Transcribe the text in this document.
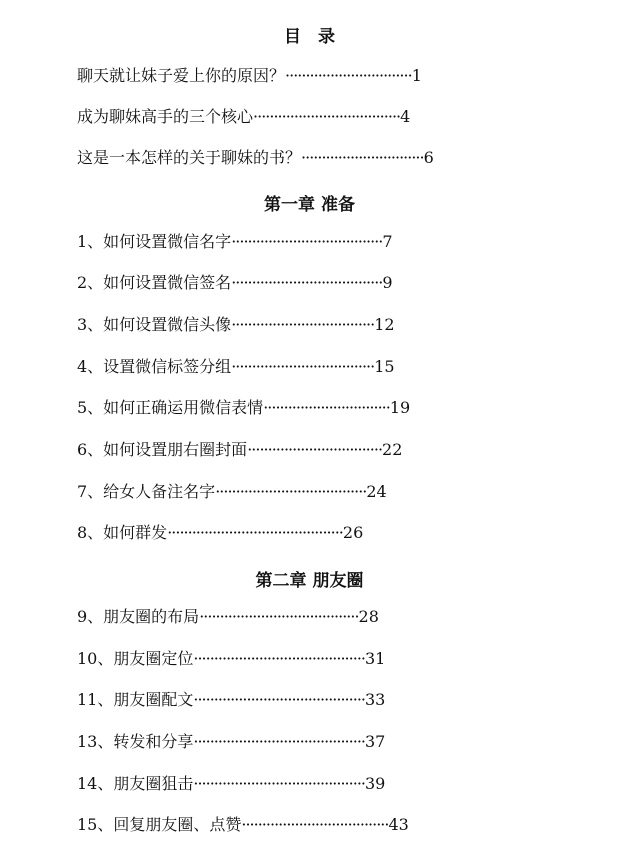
目　录
聊天就让妹子爱上你的原因？·······························1
成为聊妹高手的三个核心····································4
这是一本怎样的关于聊妹的书？······························6
第一章 准备
1、如何设置微信名字·····································7
2、如何设置微信签名·····································9
3、如何设置微信头像···································12
4、设置微信标签分组···································15
5、如何正确运用微信表情·······························19
6、如何设置朋右圈封面·································22
7、给女人备注名字·····································24
8、如何群发···········································26
第二章 朋友圈
9、朋友圈的布局·······································28
10、朋友圈定位··········································31
11、朋友圈配文··········································33
13、转发和分享··········································37
14、朋友圈狙击··········································39
15、回复朋友圈、点赞····································43
